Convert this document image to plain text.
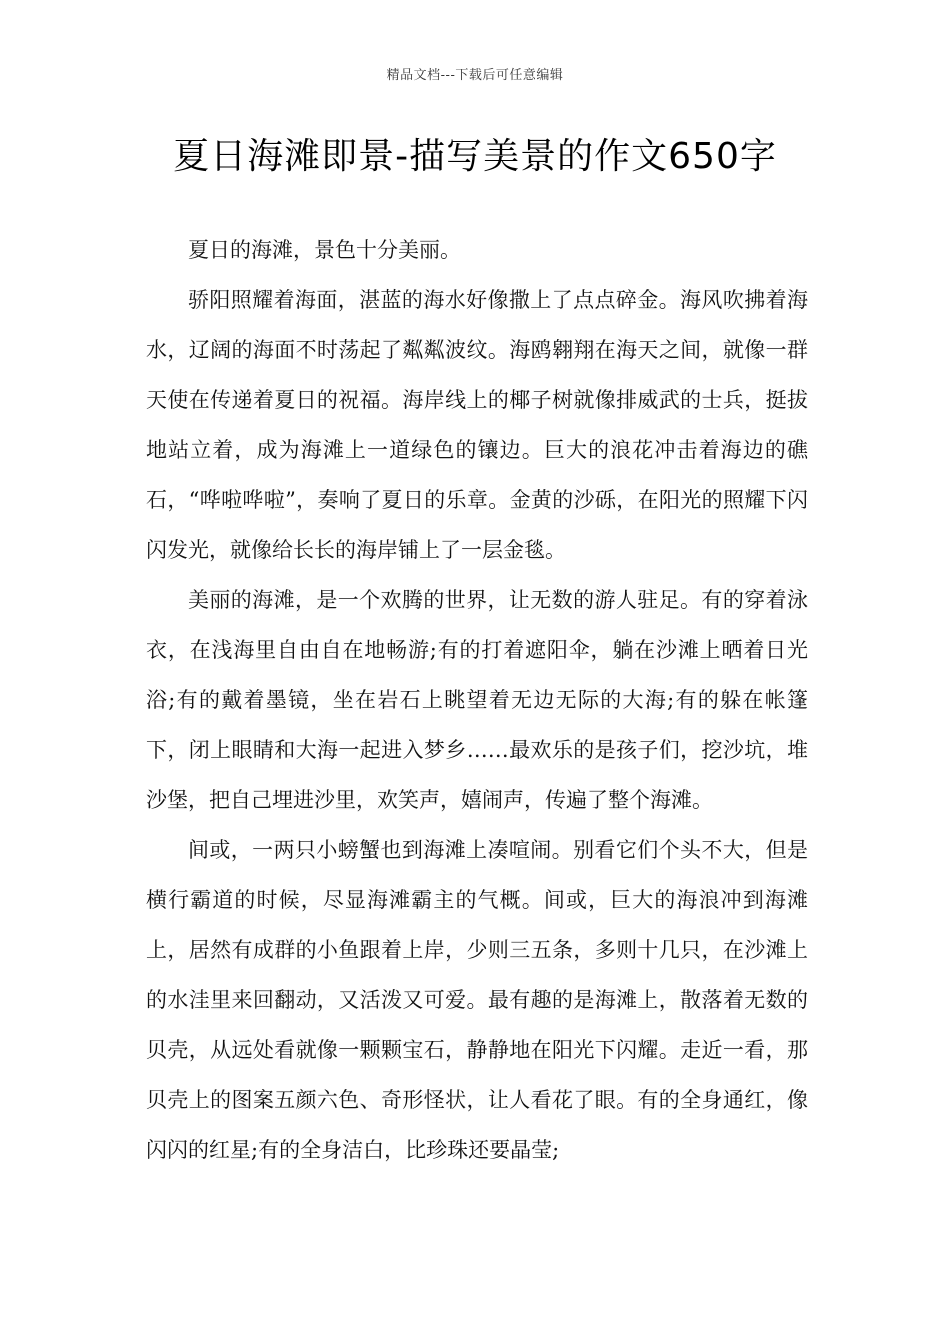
精品文档---下载后可任意编辑
夏日海滩即景-描写美景的作文650字

夏日的海滩，景色十分美丽。

骄阳照耀着海面，湛蓝的海水好像撒上了点点碎金。海风吹拂着海水，辽阔的海面不时荡起了粼粼波纹。海鸥翱翔在海天之间，就像一群天使在传递着夏日的祝福。海岸线上的椰子树就像排威武的士兵，挺拔地站立着，成为海滩上一道绿色的镶边。巨大的浪花冲击着海边的礁石，“哗啦哗啦”，奏响了夏日的乐章。金黄的沙砾，在阳光的照耀下闪闪发光，就像给长长的海岸铺上了一层金毯。

美丽的海滩，是一个欢腾的世界，让无数的游人驻足。有的穿着泳衣，在浅海里自由自在地畅游;有的打着遮阳伞，躺在沙滩上晒着日光浴;有的戴着墨镜，坐在岩石上眺望着无边无际的大海;有的躲在帐篷下，闭上眼睛和大海一起进入梦乡……最欢乐的是孩子们，挖沙坑，堆沙堡，把自己埋进沙里，欢笑声，嬉闹声，传遍了整个海滩。

间或，一两只小螃蟹也到海滩上凑喧闹。别看它们个头不大，但是横行霸道的时候，尽显海滩霸主的气概。间或，巨大的海浪冲到海滩上，居然有成群的小鱼跟着上岸，少则三五条，多则十几只，在沙滩上的水洼里来回翻动，又活泼又可爱。最有趣的是海滩上，散落着无数的贝壳，从远处看就像一颗颗宝石，静静地在阳光下闪耀。走近一看，那贝壳上的图案五颜六色、奇形怪状，让人看花了眼。有的全身通红，像闪闪的红星;有的全身洁白，比珍珠还要晶莹;
